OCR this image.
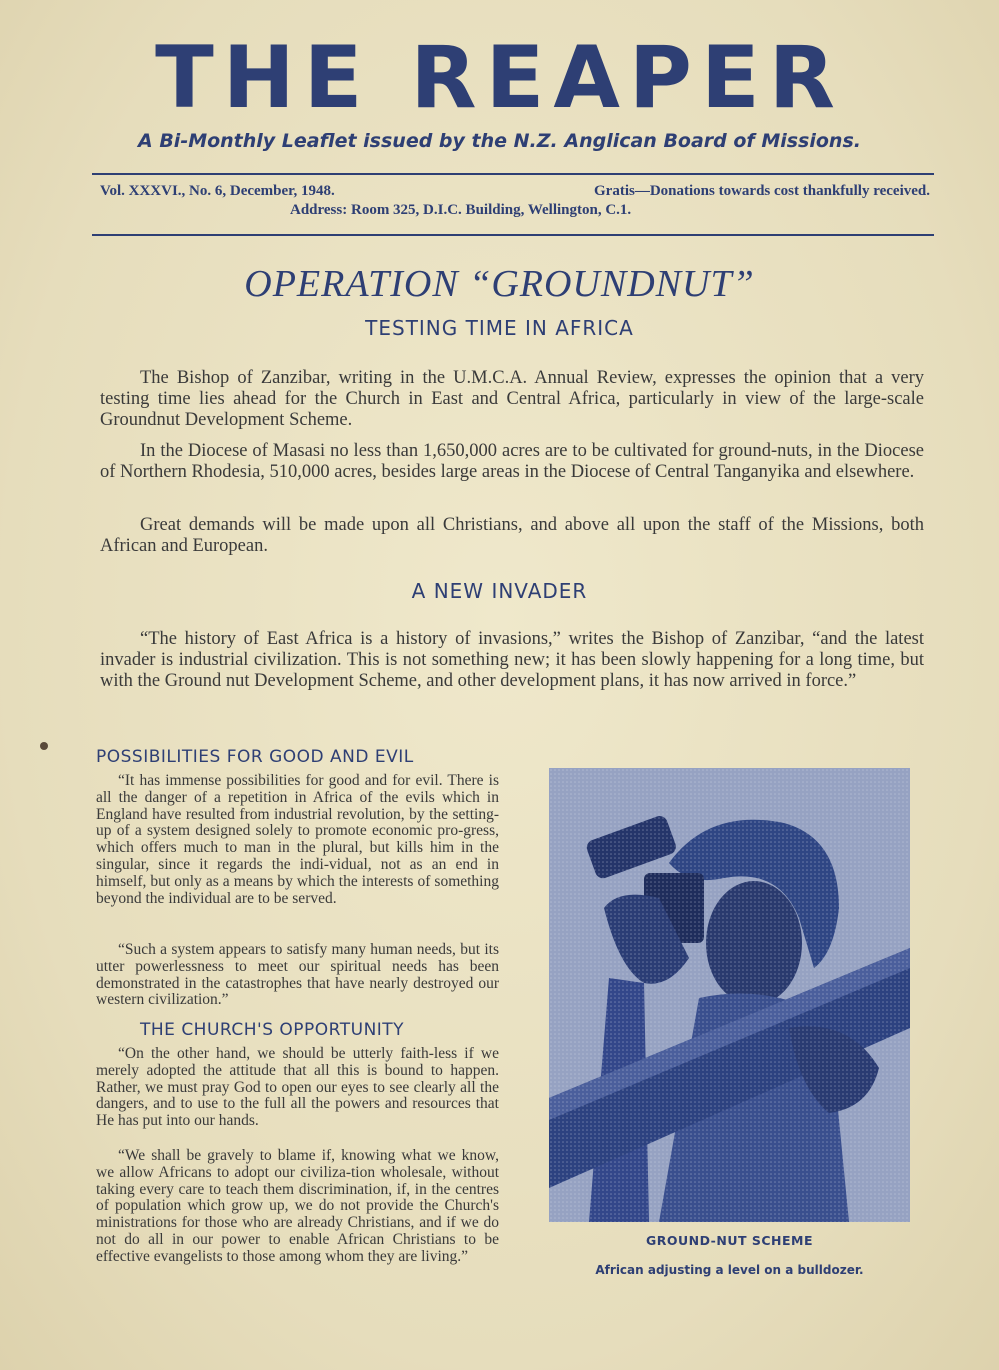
THE REAPER
A Bi-Monthly Leaflet issued by the N.Z. Anglican Board of Missions.
Vol. XXXVI., No. 6, December, 1948.	Gratis—Donations towards cost thankfully received.
Address: Room 325, D.I.C. Building, Wellington, C.1.
OPERATION “GROUNDNUT”
TESTING TIME IN AFRICA

The Bishop of Zanzibar, writing in the U.M.C.A. Annual Review, expresses the opinion that a very testing time lies ahead for the Church in East and Central Africa, particularly in view of the large-scale Groundnut Development Scheme.

In the Diocese of Masasi no less than 1,650,000 acres are to be cultivated for ground-nuts, in the Diocese of Northern Rhodesia, 510,000 acres, besides large areas in the Diocese of Central Tanganyika and elsewhere.

Great demands will be made upon all Christians, and above all upon the staff of the Missions, both African and European.

A NEW INVADER

“The history of East Africa is a history of invasions,” writes the Bishop of Zanzibar, “and the latest invader is industrial civilization. This is not something new; it has been slowly happening for a long time, but with the Ground nut Development Scheme, and other development plans, it has now arrived in force.”

POSSIBILITIES FOR GOOD AND EVIL

“It has immense possibilities for good and for evil. There is all the danger of a repetition in Africa of the evils which in England have resulted from industrial revolution, by the setting-up of a system designed solely to promote economic pro-gress, which offers much to man in the plural, but kills him in the singular, since it regards the indi-vidual, not as an end in himself, but only as a means by which the interests of something beyond the individual are to be served.

“Such a system appears to satisfy many human needs, but its utter powerlessness to meet our spiritual needs has been demonstrated in the catastrophes that have nearly destroyed our western civilization.”

THE CHURCH'S OPPORTUNITY

“On the other hand, we should be utterly faith-less if we merely adopted the attitude that all this is bound to happen. Rather, we must pray God to open our eyes to see clearly all the dangers, and to use to the full all the powers and resources that He has put into our hands.

“We shall be gravely to blame if, knowing what we know, we allow Africans to adopt our civiliza-tion wholesale, without taking every care to teach them discrimination, if, in the centres of population which grow up, we do not provide the Church's ministrations for those who are already Christians, and if we do not do all in our power to enable African Christians to be effective evangelists to those among whom they are living.”

GROUND-NUT SCHEME
African adjusting a level on a bulldozer.
